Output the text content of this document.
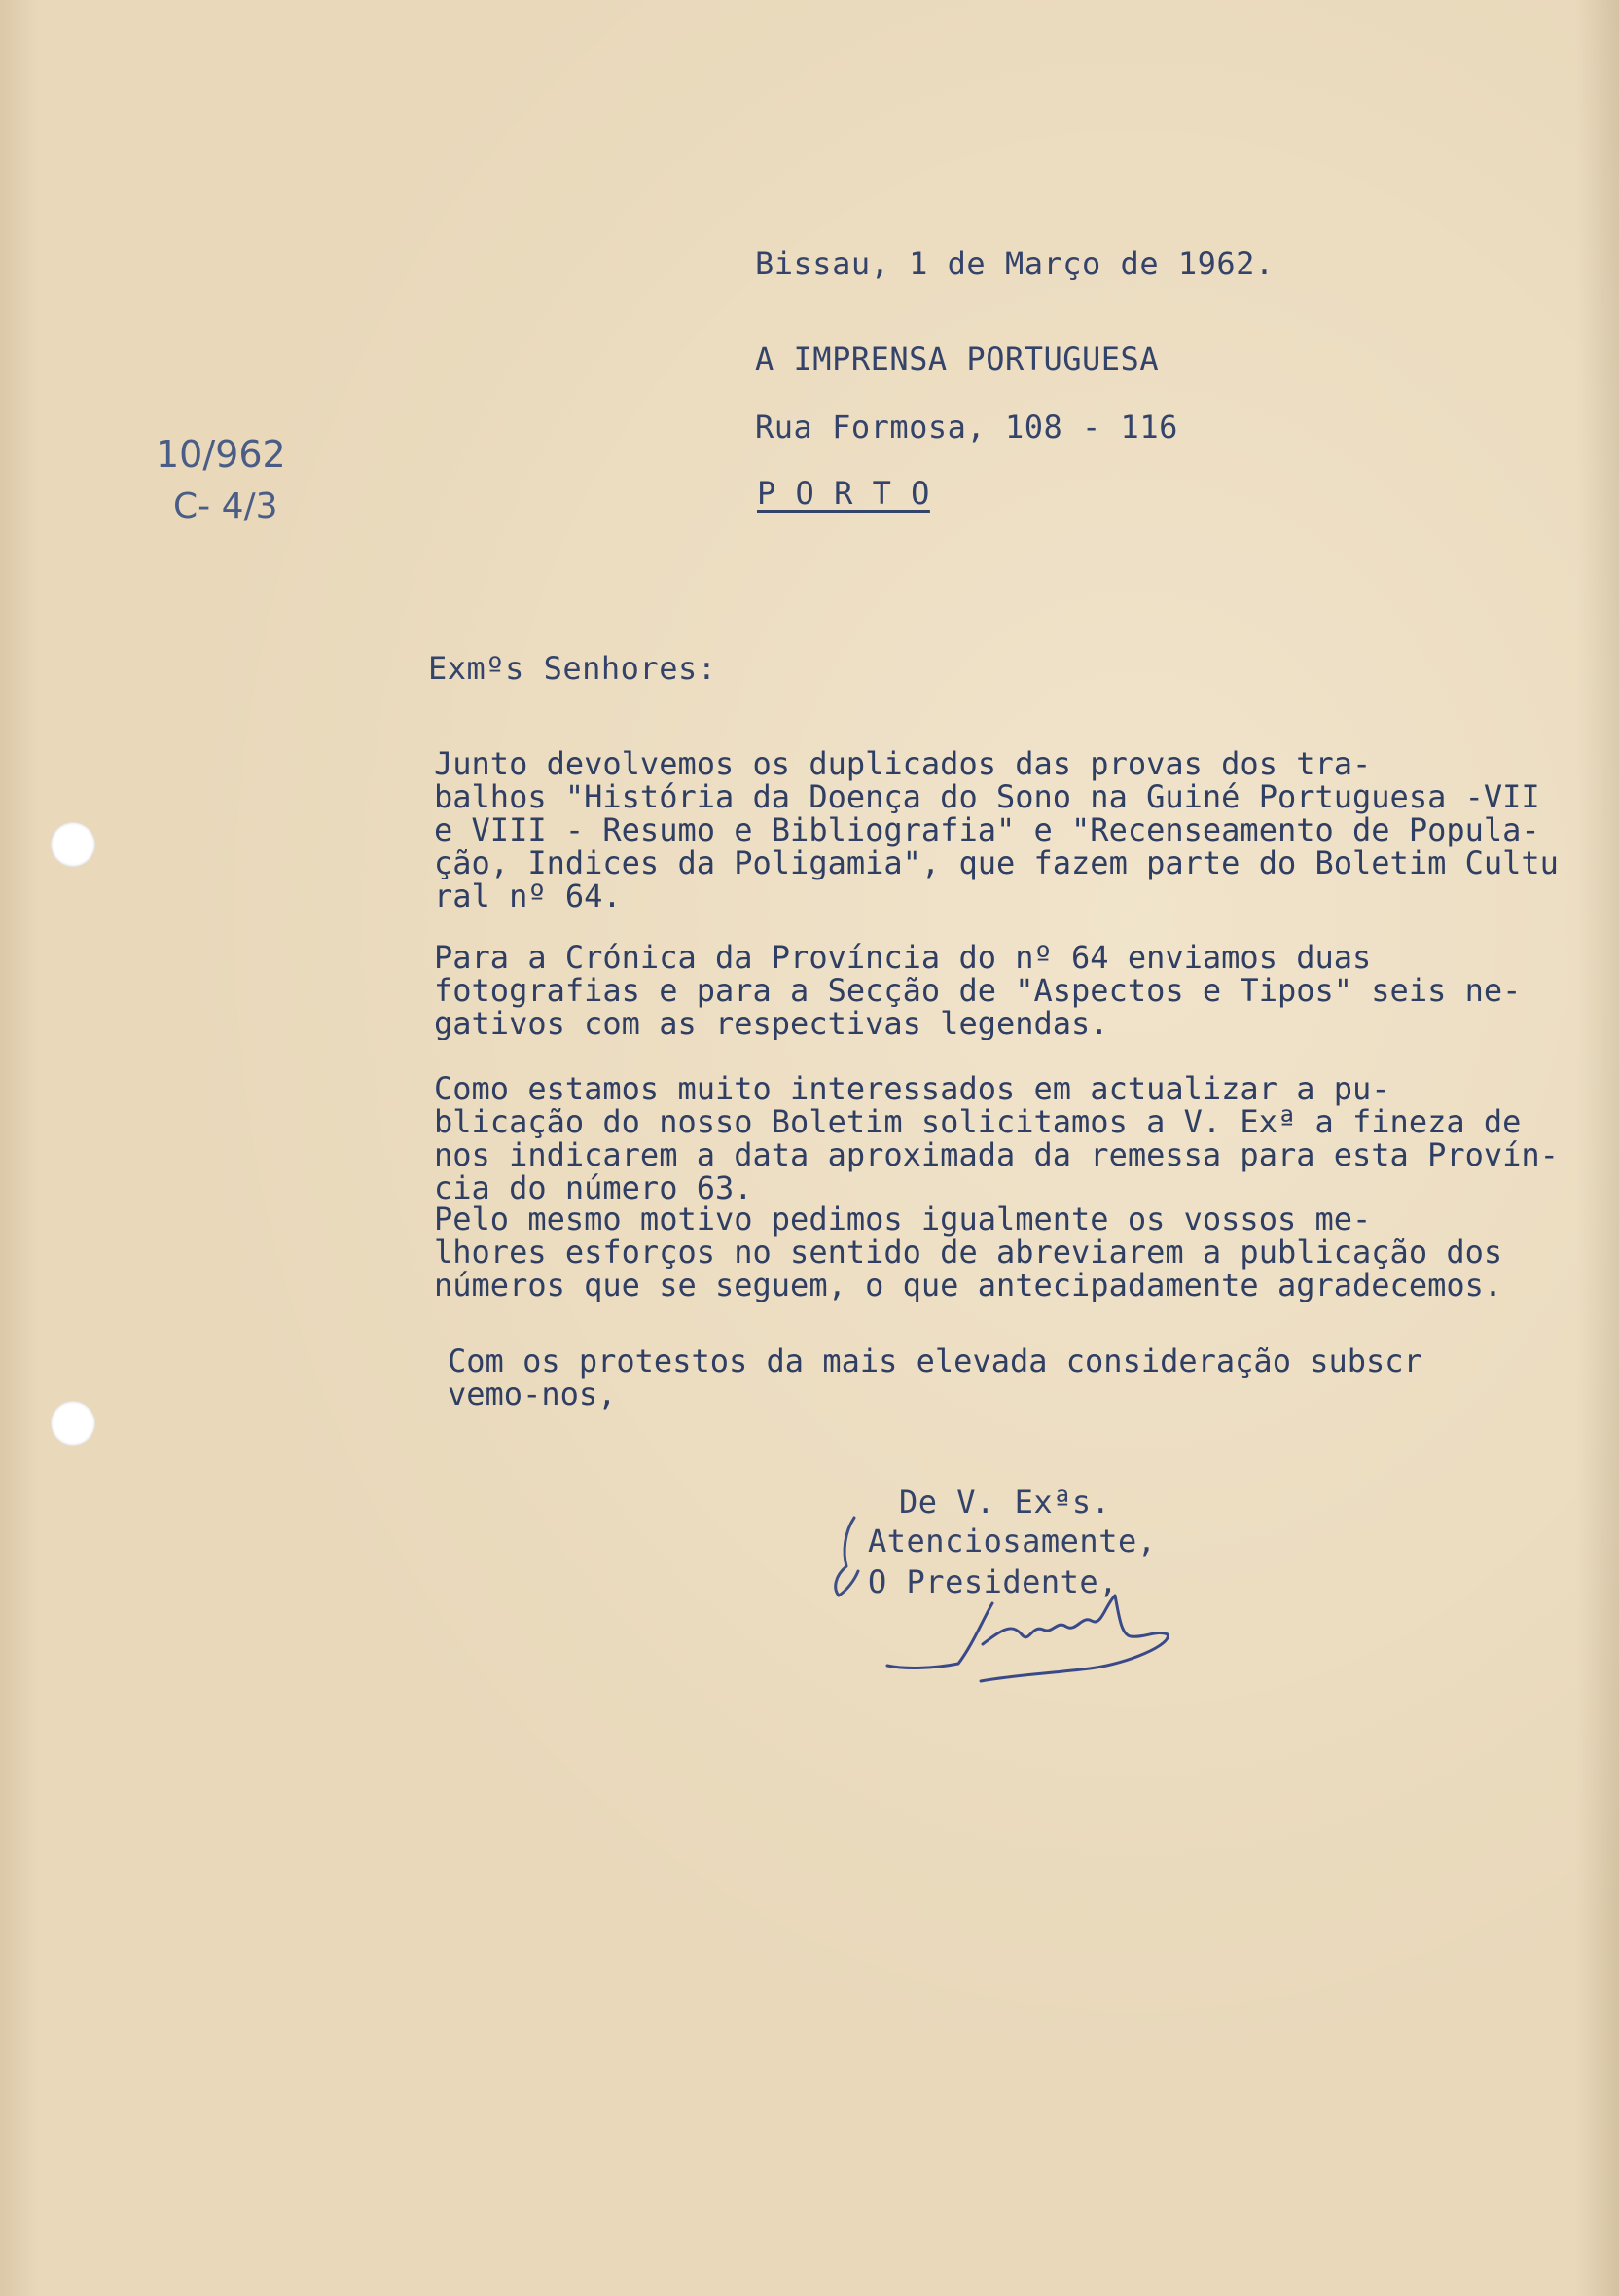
10/962
C- 4/3
Bissau, 1 de Março de 1962.
A IMPRENSA PORTUGUESA
Rua Formosa, 108 - 116
P O R T O
Exmºs Senhores:
Junto devolvemos os duplicados das provas dos tra-
balhos "História da Doença do Sono na Guiné Portuguesa -VII
e VIII - Resumo e Bibliografia" e "Recenseamento de Popula-
ção, Indices da Poligamia", que fazem parte do Boletim Cultu
ral nº 64.
Para a Crónica da Província do nº 64 enviamos duas
fotografias e para a Secção de "Aspectos e Tipos" seis ne-
gativos com as respectivas legendas.
Como estamos muito interessados em actualizar a pu-
blicação do nosso Boletim solicitamos a V. Exª a fineza de
nos indicarem a data aproximada da remessa para esta Provín-
cia do número 63.
Pelo mesmo motivo pedimos igualmente os vossos me-
lhores esforços no sentido de abreviarem a publicação dos
números que se seguem, o que antecipadamente agradecemos.
Com os protestos da mais elevada consideração subscr
vemo-nos,
De V. Exªs.
Atenciosamente,
O Presidente,
